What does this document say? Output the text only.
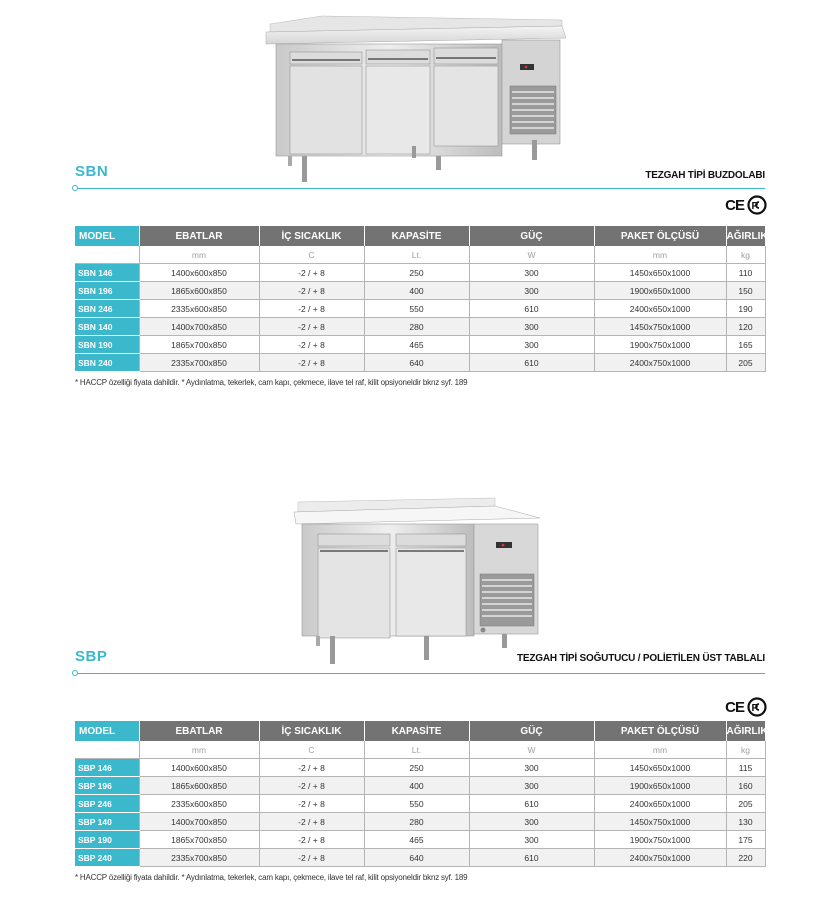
SBN	TEZGAH TİPİ BUZDOLABI
CE P
MODEL	EBATLAR	İÇ SICAKLIK	KAPASİTE	GÜÇ	PAKET ÖLÇÜSÜ	AĞIRLIK
	mm	C	Lt.	W	mm	kg
SBN 146	1400x600x850	-2 / + 8	250	300	1450x650x1000	110
SBN 196	1865x600x850	-2 / + 8	400	300	1900x650x1000	150
SBN 246	2335x600x850	-2 / + 8	550	610	2400x650x1000	190
SBN 140	1400x700x850	-2 / + 8	280	300	1450x750x1000	120
SBN 190	1865x700x850	-2 / + 8	465	300	1900x750x1000	165
SBN 240	2335x700x850	-2 / + 8	640	610	2400x750x1000	205
* HACCP özelliği fiyata dahildir. * Aydınlatma, tekerlek, cam kapı, çekmece, ilave tel raf, kilit opsiyoneldir bknz syf. 189
SBP	TEZGAH TİPİ SOĞUTUCU / POLİETİLEN ÜST TABLALI
CE P
MODEL	EBATLAR	İÇ SICAKLIK	KAPASİTE	GÜÇ	PAKET ÖLÇÜSÜ	AĞIRLIK
	mm	C	Lt.	W	mm	kg
SBP 146	1400x600x850	-2 / + 8	250	300	1450x650x1000	115
SBP 196	1865x600x850	-2 / + 8	400	300	1900x650x1000	160
SBP 246	2335x600x850	-2 / + 8	550	610	2400x650x1000	205
SBP 140	1400x700x850	-2 / + 8	280	300	1450x750x1000	130
SBP 190	1865x700x850	-2 / + 8	465	300	1900x750x1000	175
SBP 240	2335x700x850	-2 / + 8	640	610	2400x750x1000	220
* HACCP özelliği fiyata dahildir. * Aydınlatma, tekerlek, cam kapı, çekmece, ilave tel raf, kilit opsiyoneldir bknz syf. 189
